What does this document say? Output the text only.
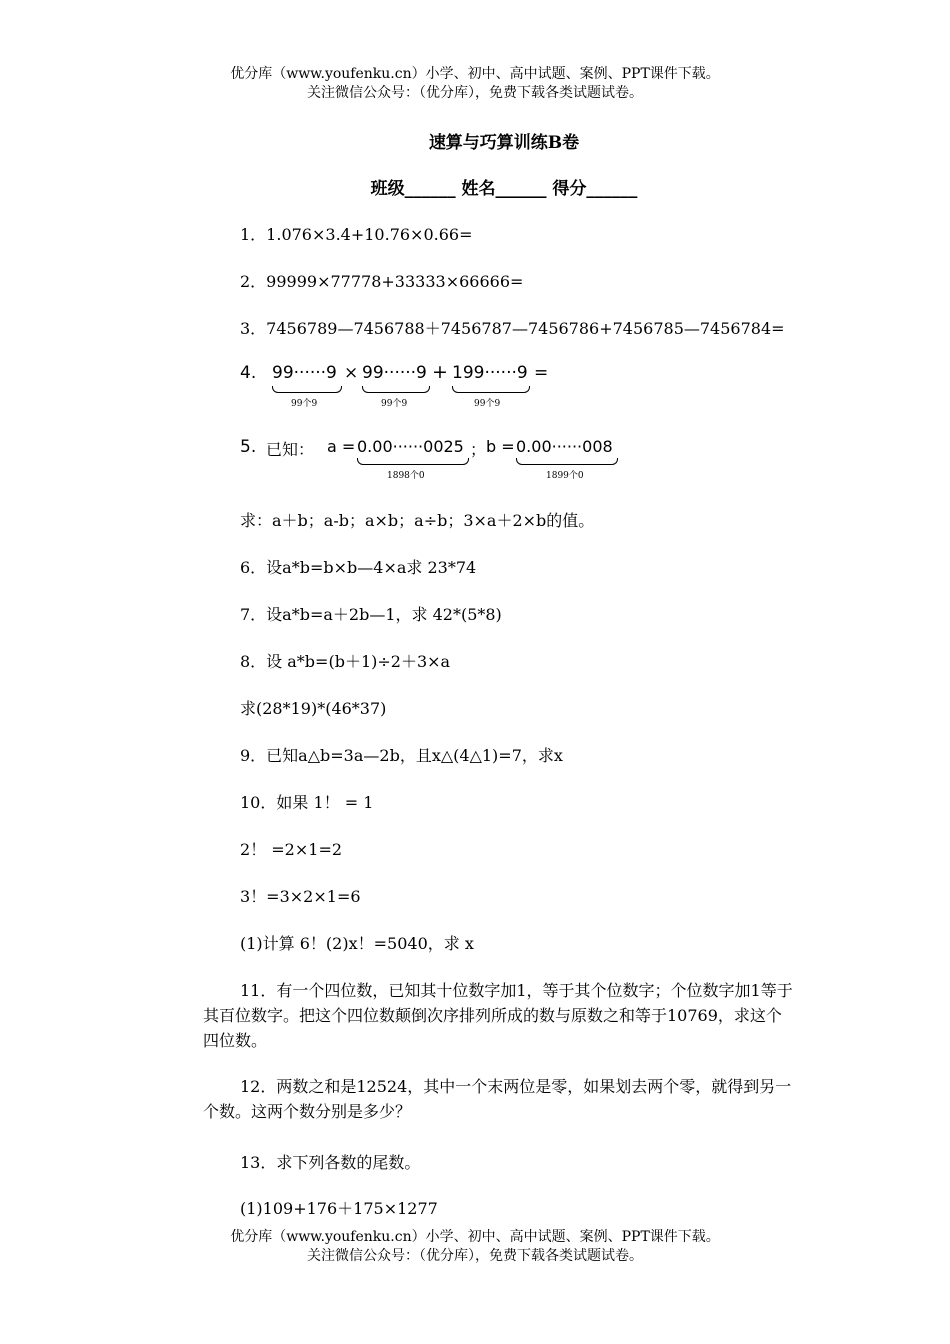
优分库（www.youfenku.cn）小学、初中、高中试题、案例、PPT课件下载。
关注微信公众号：（优分库），免费下载各类试题试卷。
速算与巧算训练B卷
班级______ 姓名______ 得分______
1．1.076×3.4+10.76×0.66=
2．99999×77778+33333×66666=
3．7456789—7456788＋7456787—7456786+7456785—7456784=
4. 99······9 × 99······9 + 199······9 =
99个9	99个9	99个9
5. 已知： a = 0.00······0025 ； b = 0.00······008
1898个0	1899个0
求：a＋b；a-b；a×b；a÷b；3×a＋2×b的值。
6．设a*b=b×b—4×a求 23*74
7．设a*b=a＋2b—1，求 42*(5*8)
8．设 a*b=(b＋1)÷2＋3×a
求(28*19)*(46*37)
9．已知a△b=3a—2b，且x△(4△1)=7，求x
10．如果 1！ = 1
2！ =2×1=2
3！=3×2×1=6
(1)计算 6！(2)x！=5040，求 x
11．有一个四位数，已知其十位数字加1，等于其个位数字；个位数字加1等于其百位数字。把这个四位数颠倒次序排列所成的数与原数之和等于10769，求这个四位数。
12．两数之和是12524，其中一个末两位是零，如果划去两个零，就得到另一个数。这两个数分别是多少？
13．求下列各数的尾数。
(1)109+176＋175×1277
优分库（www.youfenku.cn）小学、初中、高中试题、案例、PPT课件下载。
关注微信公众号：（优分库），免费下载各类试题试卷。
